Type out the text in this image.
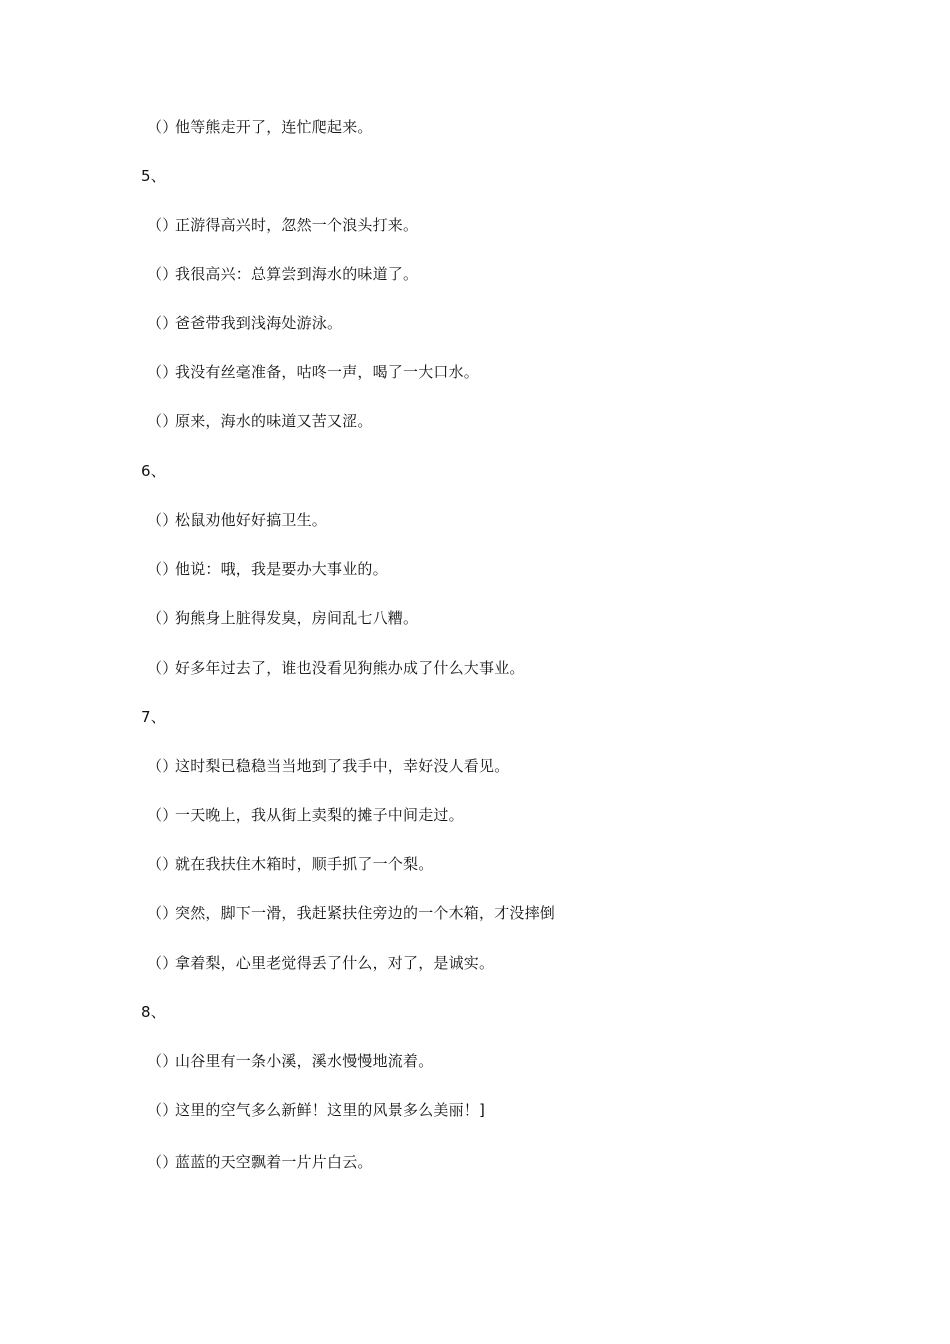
（）他等熊走开了，连忙爬起来。
5、
（）正游得高兴时，忽然一个浪头打来。
（）我很高兴：总算尝到海水的味道了。
（）爸爸带我到浅海处游泳。
（）我没有丝毫准备，咕咚一声，喝了一大口水。
（）原来，海水的味道又苦又涩。
6、
（）松鼠劝他好好搞卫生。
（）他说：哦，我是要办大事业的。
（）狗熊身上脏得发臭，房间乱七八糟。
（）好多年过去了，谁也没看见狗熊办成了什么大事业。
7、
（）这时梨已稳稳当当地到了我手中，幸好没人看见。
（）一天晚上，我从街上卖梨的摊子中间走过。
（）就在我扶住木箱时，顺手抓了一个梨。
（）突然，脚下一滑，我赶紧扶住旁边的一个木箱，才没摔倒
（）拿着梨，心里老觉得丢了什么，对了，是诚实。
8、
（）山谷里有一条小溪，溪水慢慢地流着。
（）这里的空气多么新鲜！这里的风景多么美丽！]
（）蓝蓝的天空飘着一片片白云。
